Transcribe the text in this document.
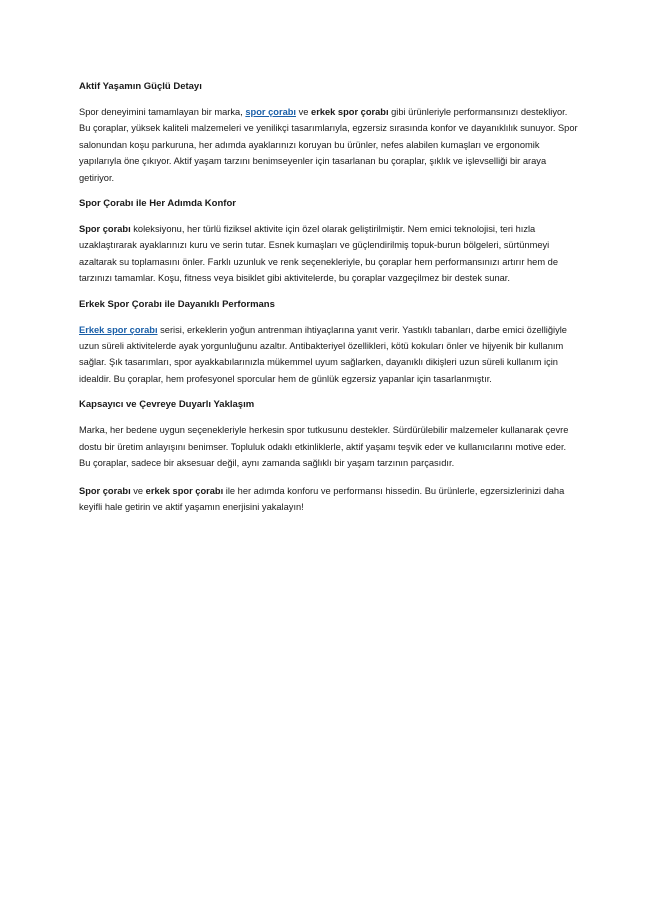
Aktif Yaşamın Güçlü Detayı

Spor deneyimini tamamlayan bir marka, spor çorabı ve erkek spor çorabı gibi ürünleriyle performansınızı destekliyor. Bu çoraplar, yüksek kaliteli malzemeleri ve yenilikçi tasarımlarıyla, egzersiz sırasında konfor ve dayanıklılık sunuyor. Spor salonundan koşu parkuruna, her adımda ayaklarınızı koruyan bu ürünler, nefes alabilen kumaşları ve ergonomik yapılarıyla öne çıkıyor. Aktif yaşam tarzını benimseyenler için tasarlanan bu çoraplar, şıklık ve işlevselliği bir araya getiriyor.

Spor Çorabı ile Her Adımda Konfor

Spor çorabı koleksiyonu, her türlü fiziksel aktivite için özel olarak geliştirilmiştir. Nem emici teknolojisi, teri hızla uzaklaştırarak ayaklarınızı kuru ve serin tutar. Esnek kumaşları ve güçlendirilmiş topuk-burun bölgeleri, sürtünmeyi azaltarak su toplamasını önler. Farklı uzunluk ve renk seçenekleriyle, bu çoraplar hem performansınızı artırır hem de tarzınızı tamamlar. Koşu, fitness veya bisiklet gibi aktivitelerde, bu çoraplar vazgeçilmez bir destek sunar.

Erkek Spor Çorabı ile Dayanıklı Performans

Erkek spor çorabı serisi, erkeklerin yoğun antrenman ihtiyaçlarına yanıt verir. Yastıklı tabanları, darbe emici özelliğiyle uzun süreli aktivitelerde ayak yorgunluğunu azaltır. Antibakteriyel özellikleri, kötü kokuları önler ve hijyenik bir kullanım sağlar. Şık tasarımları, spor ayakkabılarınızla mükemmel uyum sağlarken, dayanıklı dikişleri uzun süreli kullanım için idealdir. Bu çoraplar, hem profesyonel sporcular hem de günlük egzersiz yapanlar için tasarlanmıştır.

Kapsayıcı ve Çevreye Duyarlı Yaklaşım

Marka, her bedene uygun seçenekleriyle herkesin spor tutkusunu destekler. Sürdürülebilir malzemeler kullanarak çevre dostu bir üretim anlayışını benimser. Topluluk odaklı etkinliklerle, aktif yaşamı teşvik eder ve kullanıcılarını motive eder. Bu çoraplar, sadece bir aksesuar değil, aynı zamanda sağlıklı bir yaşam tarzının parçasıdır.

Spor çorabı ve erkek spor çorabı ile her adımda konforu ve performansı hissedin. Bu ürünlerle, egzersizlerinizi daha keyifli hale getirin ve aktif yaşamın enerjisini yakalayın!
